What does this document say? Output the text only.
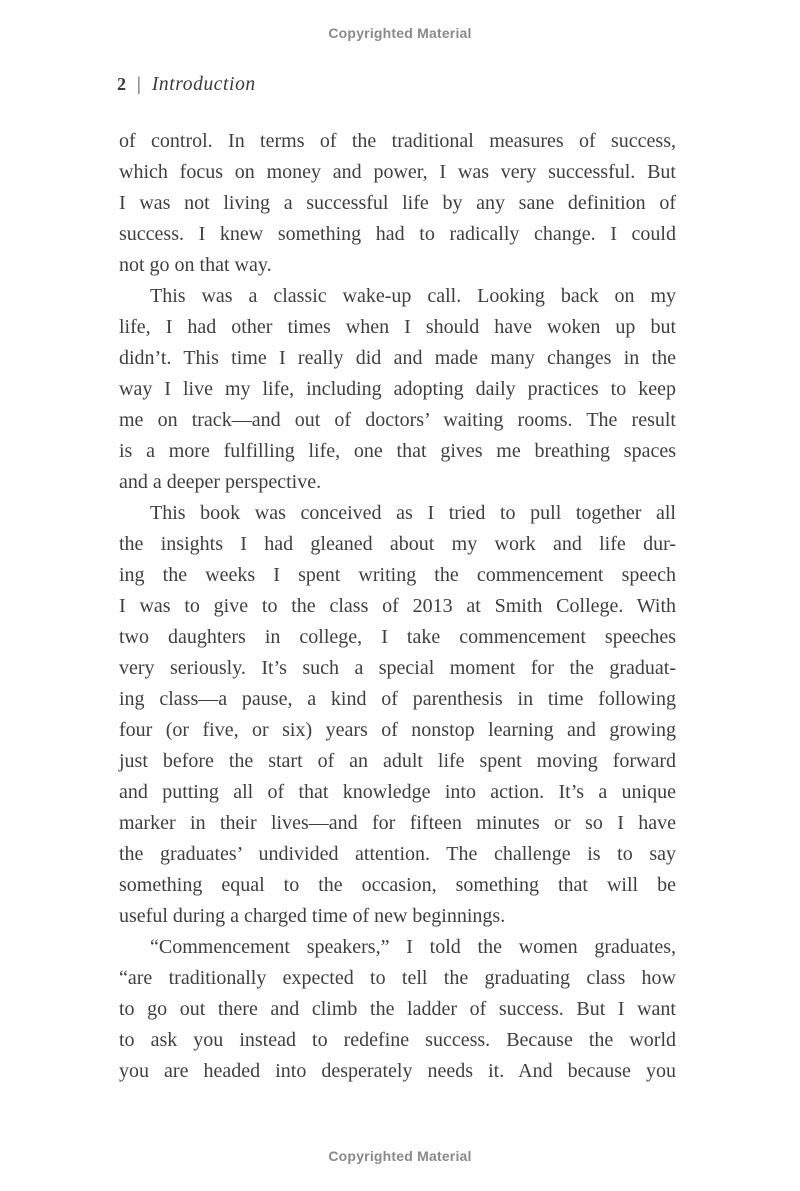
Copyrighted Material
2 | Introduction
of control. In terms of the traditional measures of success,
which focus on money and power, I was very successful. But
I was not living a successful life by any sane definition of
success. I knew something had to radically change. I could
not go on that way.
This was a classic wake-up call. Looking back on my
life, I had other times when I should have woken up but
didn’t. This time I really did and made many changes in the
way I live my life, including adopting daily practices to keep
me on track—and out of doctors’ waiting rooms. The result
is a more fulfilling life, one that gives me breathing spaces
and a deeper perspective.
This book was conceived as I tried to pull together all
the insights I had gleaned about my work and life dur-
ing the weeks I spent writing the commencement speech
I was to give to the class of 2013 at Smith College. With
two daughters in college, I take commencement speeches
very seriously. It’s such a special moment for the graduat-
ing class—a pause, a kind of parenthesis in time following
four (or five, or six) years of nonstop learning and growing
just before the start of an adult life spent moving forward
and putting all of that knowledge into action. It’s a unique
marker in their lives—and for fifteen minutes or so I have
the graduates’ undivided attention. The challenge is to say
something equal to the occasion, something that will be
useful during a charged time of new beginnings.
“Commencement speakers,” I told the women graduates,
“are traditionally expected to tell the graduating class how
to go out there and climb the ladder of success. But I want
to ask you instead to redefine success. Because the world
you are headed into desperately needs it. And because you
Copyrighted Material
